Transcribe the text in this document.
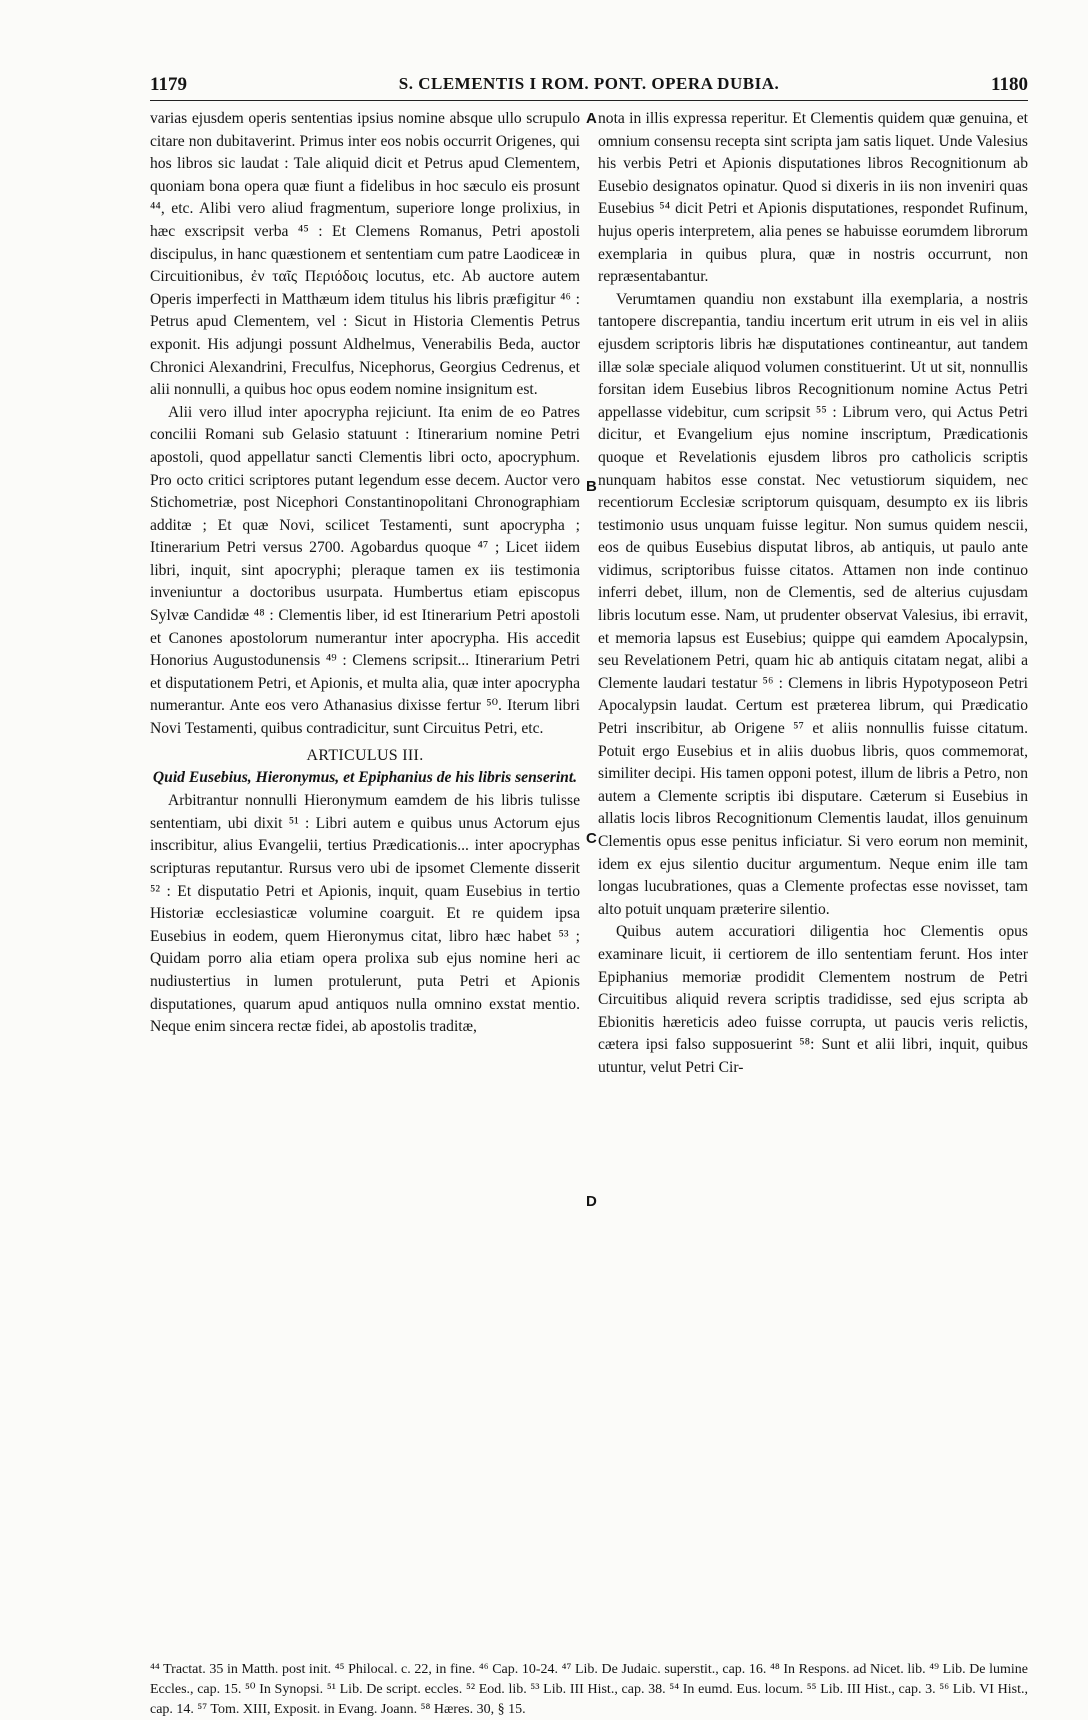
1179	S. CLEMENTIS I ROM. PONT. OPERA DUBIA.	1180
A
B
C
D

varias ejusdem operis sententias ipsius nomine absque ullo scrupulo citare non dubitaverint. Primus inter eos nobis occurrit Origenes, qui hos libros sic laudat : Tale aliquid dicit et Petrus apud Clementem, quoniam bona opera quæ fiunt a fidelibus in hoc sæculo eis prosunt ⁴⁴, etc. Alibi vero aliud fragmentum, superiore longe prolixius, in hæc exscripsit verba ⁴⁵ : Et Clemens Romanus, Petri apostoli discipulus, in hanc quæstionem et sententiam cum patre Laodiceæ in Circuitionibus, ἐν ταῖς Περιόδοις locutus, etc. Ab auctore autem Operis imperfecti in Matthæum idem titulus his libris præfigitur ⁴⁶ : Petrus apud Clementem, vel : Sicut in Historia Clementis Petrus exponit. His adjungi possunt Aldhelmus, Venerabilis Beda, auctor Chronici Alexandrini, Freculfus, Nicephorus, Georgius Cedrenus, et alii nonnulli, a quibus hoc opus eodem nomine insignitum est.

Alii vero illud inter apocrypha rejiciunt. Ita enim de eo Patres concilii Romani sub Gelasio statuunt : Itinerarium nomine Petri apostoli, quod appellatur sancti Clementis libri octo, apocryphum. Pro octo critici scriptores putant legendum esse decem. Auctor vero Stichometriæ, post Nicephori Constantinopolitani Chronographiam additæ ; Et quæ Novi, scilicet Testamenti, sunt apocrypha ; Itinerarium Petri versus 2700. Agobardus quoque ⁴⁷ ; Licet iidem libri, inquit, sint apocryphi; pleraque tamen ex iis testimonia inveniuntur a doctoribus usurpata. Humbertus etiam episcopus Sylvæ Candidæ ⁴⁸ : Clementis liber, id est Itinerarium Petri apostoli et Canones apostolorum numerantur inter apocrypha. His accedit Honorius Augustodunensis ⁴⁹ : Clemens scripsit... Itinerarium Petri et disputationem Petri, et Apionis, et multa alia, quæ inter apocrypha numerantur. Ante eos vero Athanasius dixisse fertur ⁵⁰. Iterum libri Novi Testamenti, quibus contradicitur, sunt Circuitus Petri, etc.

ARTICULUS III.
Quid Eusebius, Hieronymus, et Epiphanius de his libris senserint.

Arbitrantur nonnulli Hieronymum eamdem de his libris tulisse sententiam, ubi dixit ⁵¹ : Libri autem e quibus unus Actorum ejus inscribitur, alius Evangelii, tertius Prædicationis... inter apocryphas scripturas reputantur. Rursus vero ubi de ipsomet Clemente disserit ⁵² : Et disputatio Petri et Apionis, inquit, quam Eusebius in tertio Historiæ ecclesiasticæ volumine coarguit. Et re quidem ipsa Eusebius in eodem, quem Hieronymus citat, libro hæc habet ⁵³ ; Quidam porro alia etiam opera prolixa sub ejus nomine heri ac nudiustertius in lumen protulerunt, puta Petri et Apionis disputationes, quarum apud antiquos nulla omnino exstat mentio. Neque enim sincera rectæ fidei, ab apostolis traditæ,

nota in illis expressa reperitur. Et Clementis quidem quæ genuina, et omnium consensu recepta sint scripta jam satis liquet. Unde Valesius his verbis Petri et Apionis disputationes libros Recognitionum ab Eusebio designatos opinatur. Quod si dixeris in iis non inveniri quas Eusebius ⁵⁴ dicit Petri et Apionis disputationes, respondet Rufinum, hujus operis interpretem, alia penes se habuisse eorumdem librorum exemplaria in quibus plura, quæ in nostris occurrunt, non repræsentabantur.

Verumtamen quandiu non exstabunt illa exemplaria, a nostris tantopere discrepantia, tandiu incertum erit utrum in eis vel in aliis ejusdem scriptoris libris hæ disputationes contineantur, aut tandem illæ solæ speciale aliquod volumen constituerint. Ut ut sit, nonnullis forsitan idem Eusebius libros Recognitionum nomine Actus Petri appellasse videbitur, cum scripsit ⁵⁵ : Librum vero, qui Actus Petri dicitur, et Evangelium ejus nomine inscriptum, Prædicationis quoque et Revelationis ejusdem libros pro catholicis scriptis nunquam habitos esse constat. Nec vetustiorum siquidem, nec recentiorum Ecclesiæ scriptorum quisquam, desumpto ex iis libris testimonio usus unquam fuisse legitur. Non sumus quidem nescii, eos de quibus Eusebius disputat libros, ab antiquis, ut paulo ante vidimus, scriptoribus fuisse citatos. Attamen non inde continuo inferri debet, illum, non de Clementis, sed de alterius cujusdam libris locutum esse. Nam, ut prudenter observat Valesius, ibi erravit, et memoria lapsus est Eusebius; quippe qui eamdem Apocalypsin, seu Revelationem Petri, quam hic ab antiquis citatam negat, alibi a Clemente laudari testatur ⁵⁶ : Clemens in libris Hypotyposeon Petri Apocalypsin laudat. Certum est præterea librum, qui Prædicatio Petri inscribitur, ab Origene ⁵⁷ et aliis nonnullis fuisse citatum. Potuit ergo Eusebius et in aliis duobus libris, quos commemorat, similiter decipi. His tamen opponi potest, illum de libris a Petro, non autem a Clemente scriptis ibi disputare. Cæterum si Eusebius in allatis locis libros Recognitionum Clementis laudat, illos genuinum Clementis opus esse penitus inficiatur. Si vero eorum non meminit, idem ex ejus silentio ducitur argumentum. Neque enim ille tam longas lucubrationes, quas a Clemente profectas esse novisset, tam alto potuit unquam præterire silentio.

Quibus autem accuratiori diligentia hoc Clementis opus examinare licuit, ii certiorem de illo sententiam ferunt. Hos inter Epiphanius memoriæ prodidit Clementem nostrum de Petri Circuitibus aliquid revera scriptis tradidisse, sed ejus scripta ab Ebionitis hæreticis adeo fuisse corrupta, ut paucis veris relictis, cætera ipsi falso supposuerint ⁵⁸: Sunt et alii libri, inquit, quibus utuntur, velut Petri Cir-

⁴⁴ Tractat. 35 in Matth. post init. ⁴⁵ Philocal. c. 22, in fine. ⁴⁶ Cap. 10-24. ⁴⁷ Lib. De Judaic. superstit., cap. 16. ⁴⁸ In Respons. ad Nicet. lib. ⁴⁹ Lib. De lumine Eccles., cap. 15. ⁵⁰ In Synopsi. ⁵¹ Lib. De script. eccles. ⁵² Eod. lib. ⁵³ Lib. III Hist., cap. 38. ⁵⁴ In eumd. Eus. locum. ⁵⁵ Lib. III Hist., cap. 3. ⁵⁶ Lib. VI Hist., cap. 14. ⁵⁷ Tom. XIII, Exposit. in Evang. Joann. ⁵⁸ Hæres. 30, § 15.
